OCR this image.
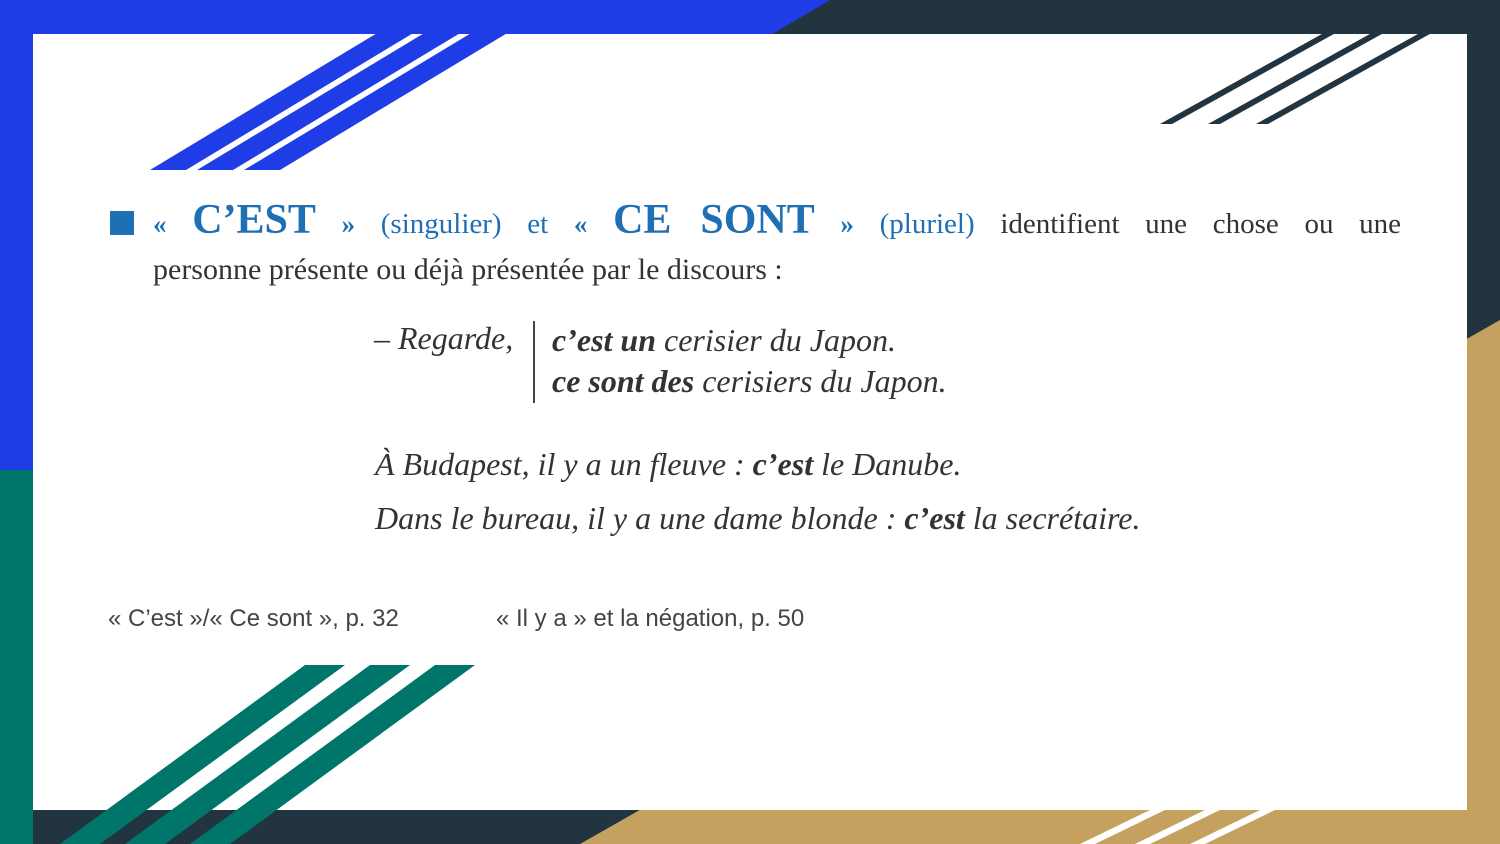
« C’EST » (singulier) et « CE SONT » (pluriel) identifient une chose ou une
personne présente ou déjà présentée par le discours :
– Regarde, c’est un cerisier du Japon.
ce sont des cerisiers du Japon.
À Budapest, il y a un fleuve : c’est le Danube.
Dans le bureau, il y a une dame blonde : c’est la secrétaire.
« C’est »/« Ce sont », p. 32	« Il y a » et la négation, p. 50
